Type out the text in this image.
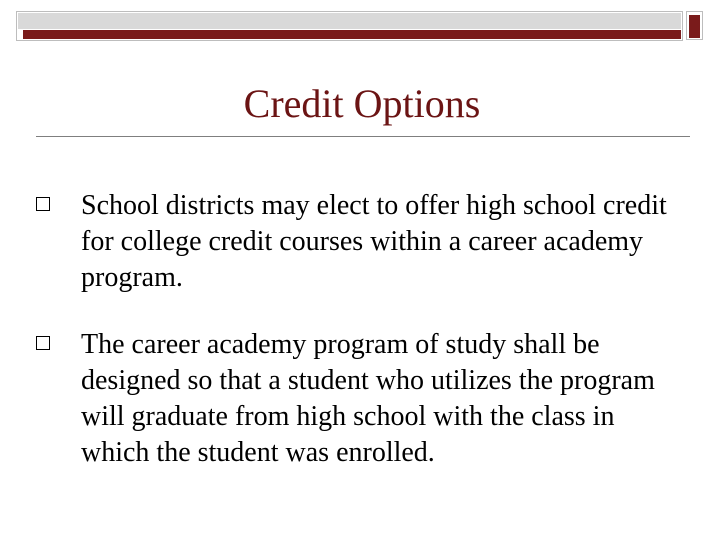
Credit Options
School districts may elect to offer high school credit for college credit courses within a career academy program.
The career academy program of study shall be designed so that a student who utilizes the program will graduate from high school with the class in which the student was enrolled.
